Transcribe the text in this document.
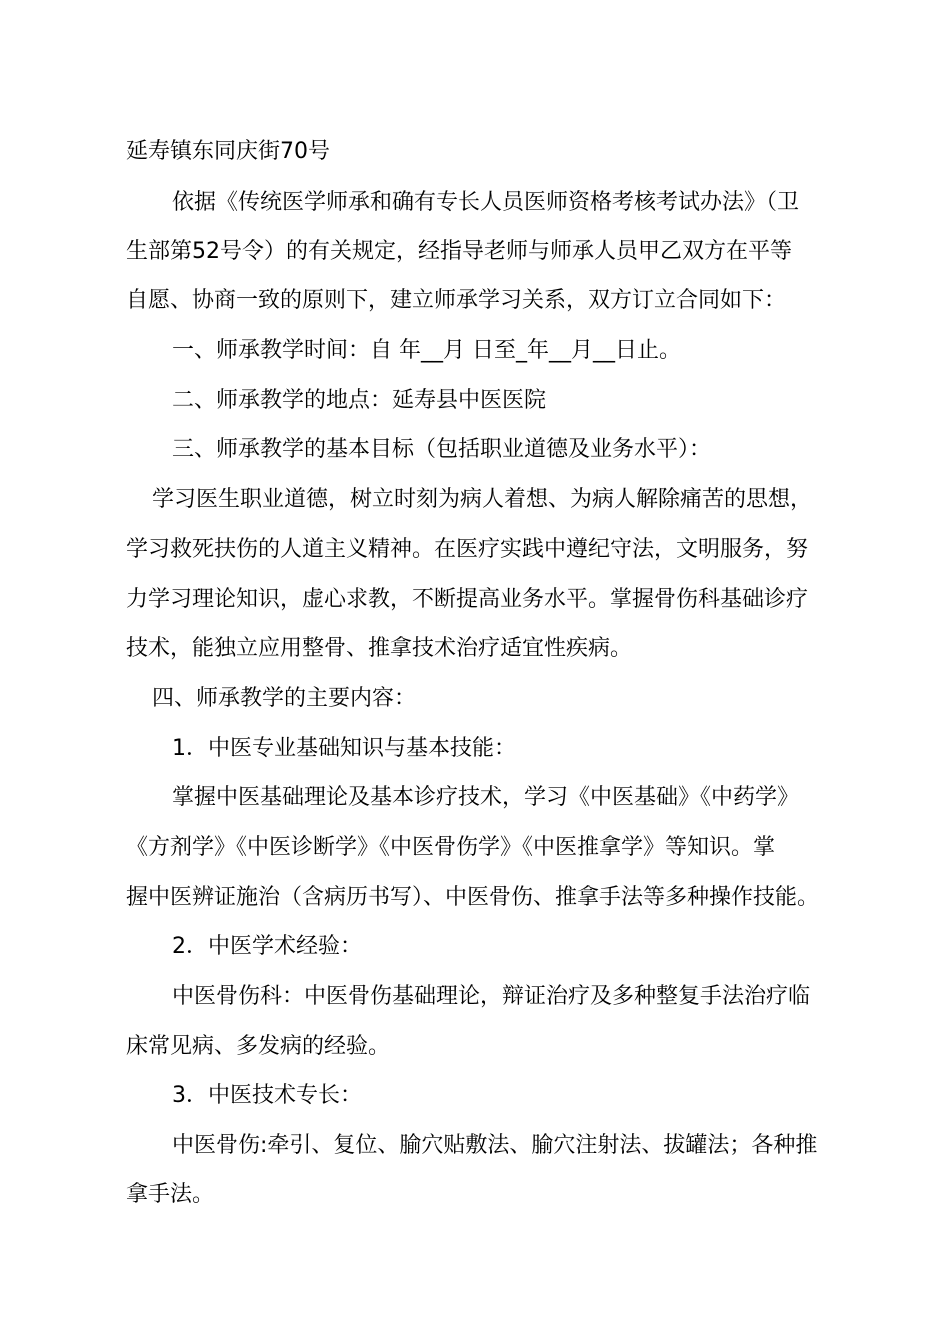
延寿镇东同庆街70号
依据《传统医学师承和确有专长人员医师资格考核考试办法》（卫
生部第52号令）的有关规定，经指导老师与师承人员甲乙双方在平等
自愿、协商一致的原则下，建立师承学习关系，双方订立合同如下：
一、师承教学时间：自 年__月 日至_年__月__日止。
二、师承教学的地点：延寿县中医医院
三、师承教学的基本目标（包括职业道德及业务水平）：
学习医生职业道德，树立时刻为病人着想、为病人解除痛苦的思想，
学习救死扶伤的人道主义精神。在医疗实践中遵纪守法，文明服务，努
力学习理论知识，虚心求教，不断提高业务水平。掌握骨伤科基础诊疗
技术，能独立应用整骨、推拿技术治疗适宜性疾病。
四、师承教学的主要内容：
1．中医专业基础知识与基本技能：
掌握中医基础理论及基本诊疗技术，学习《中医基础》《中药学》
《方剂学》《中医诊断学》《中医骨伤学》《中医推拿学》等知识。掌
握中医辨证施治（含病历书写）、中医骨伤、推拿手法等多种操作技能。
2．中医学术经验：
中医骨伤科：中医骨伤基础理论，辩证治疗及多种整复手法治疗临
床常见病、多发病的经验。
3．中医技术专长：
中医骨伤:牵引、复位、腧穴贴敷法、腧穴注射法、拔罐法；各种推
拿手法。
